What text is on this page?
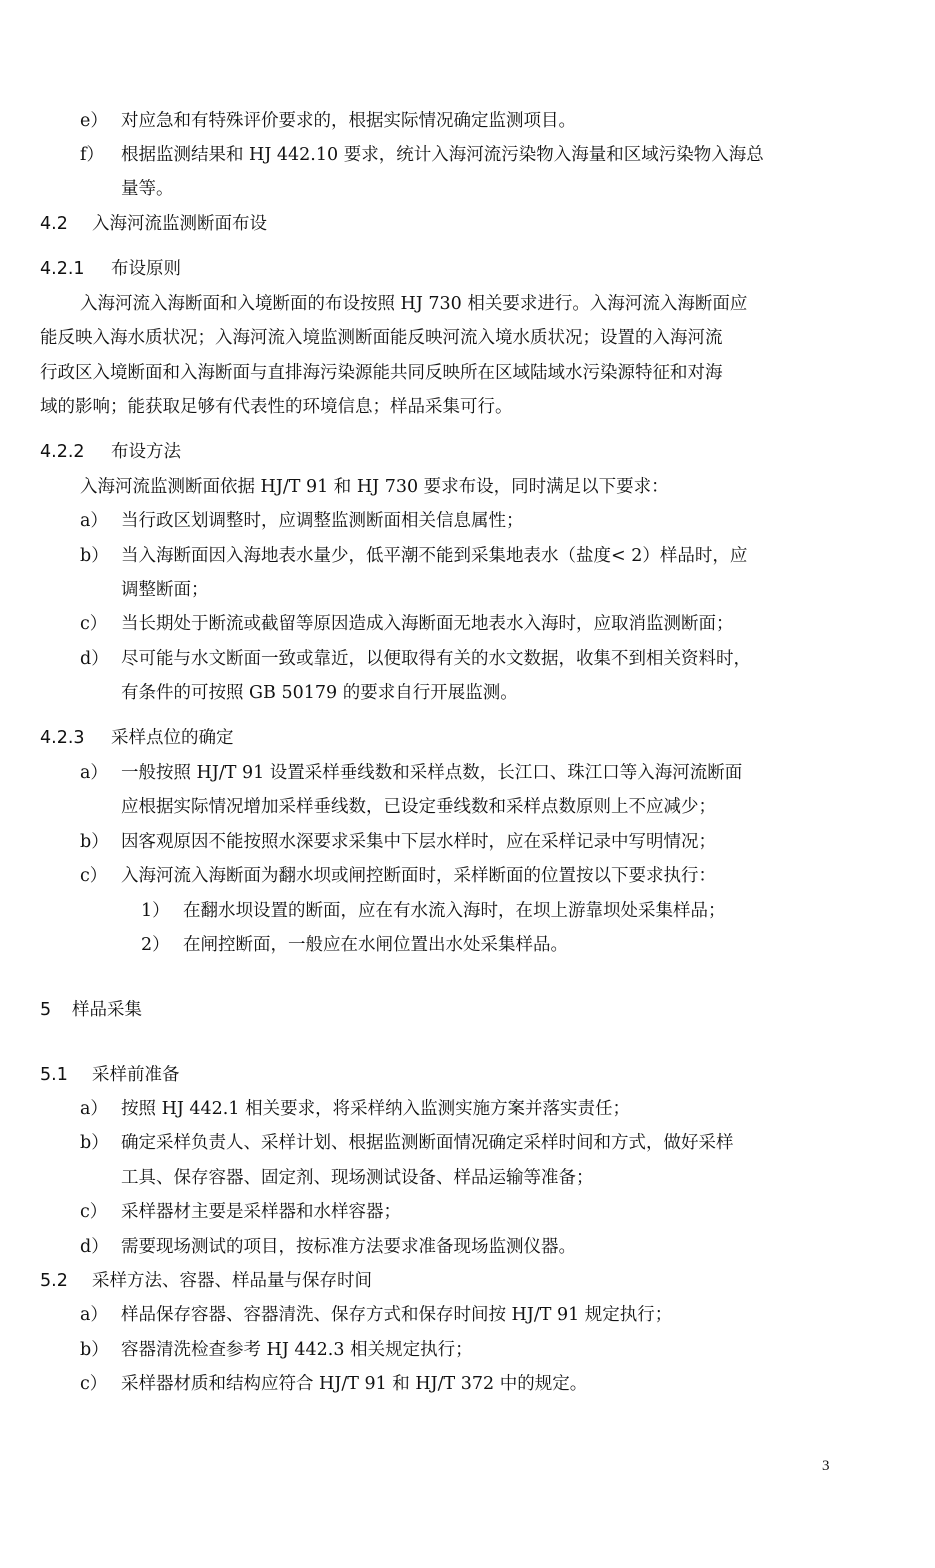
e） 对应急和有特殊评价要求的，根据实际情况确定监测项目。
f） 根据监测结果和 HJ 442.10 要求，统计入海河流污染物入海量和区域污染物入海总
量等。
4.2 入海河流监测断面布设
4.2.1 布设原则
入海河流入海断面和入境断面的布设按照 HJ 730 相关要求进行。入海河流入海断面应
能反映入海水质状况；入海河流入境监测断面能反映河流入境水质状况；设置的入海河流
行政区入境断面和入海断面与直排海污染源能共同反映所在区域陆域水污染源特征和对海
域的影响；能获取足够有代表性的环境信息；样品采集可行。
4.2.2 布设方法
入海河流监测断面依据 HJ/T 91 和 HJ 730 要求布设，同时满足以下要求：
a） 当行政区划调整时，应调整监测断面相关信息属性；
b） 当入海断面因入海地表水量少，低平潮不能到采集地表水（盐度< 2）样品时，应
调整断面；
c） 当长期处于断流或截留等原因造成入海断面无地表水入海时，应取消监测断面；
d） 尽可能与水文断面一致或靠近，以便取得有关的水文数据，收集不到相关资料时，
有条件的可按照 GB 50179 的要求自行开展监测。
4.2.3 采样点位的确定
a） 一般按照 HJ/T 91 设置采样垂线数和采样点数，长江口、珠江口等入海河流断面
应根据实际情况增加采样垂线数，已设定垂线数和采样点数原则上不应减少；
b） 因客观原因不能按照水深要求采集中下层水样时，应在采样记录中写明情况；
c） 入海河流入海断面为翻水坝或闸控断面时，采样断面的位置按以下要求执行：
1） 在翻水坝设置的断面，应在有水流入海时，在坝上游靠坝处采集样品；
2） 在闸控断面，一般应在水闸位置出水处采集样品。
5 样品采集
5.1 采样前准备
a） 按照 HJ 442.1 相关要求，将采样纳入监测实施方案并落实责任；
b） 确定采样负责人、采样计划、根据监测断面情况确定采样时间和方式，做好采样
工具、保存容器、固定剂、现场测试设备、样品运输等准备；
c） 采样器材主要是采样器和水样容器；
d） 需要现场测试的项目，按标准方法要求准备现场监测仪器。
5.2 采样方法、容器、样品量与保存时间
a） 样品保存容器、容器清洗、保存方式和保存时间按 HJ/T 91 规定执行；
b） 容器清洗检查参考 HJ 442.3 相关规定执行；
c） 采样器材质和结构应符合 HJ/T 91 和 HJ/T 372 中的规定。
3
